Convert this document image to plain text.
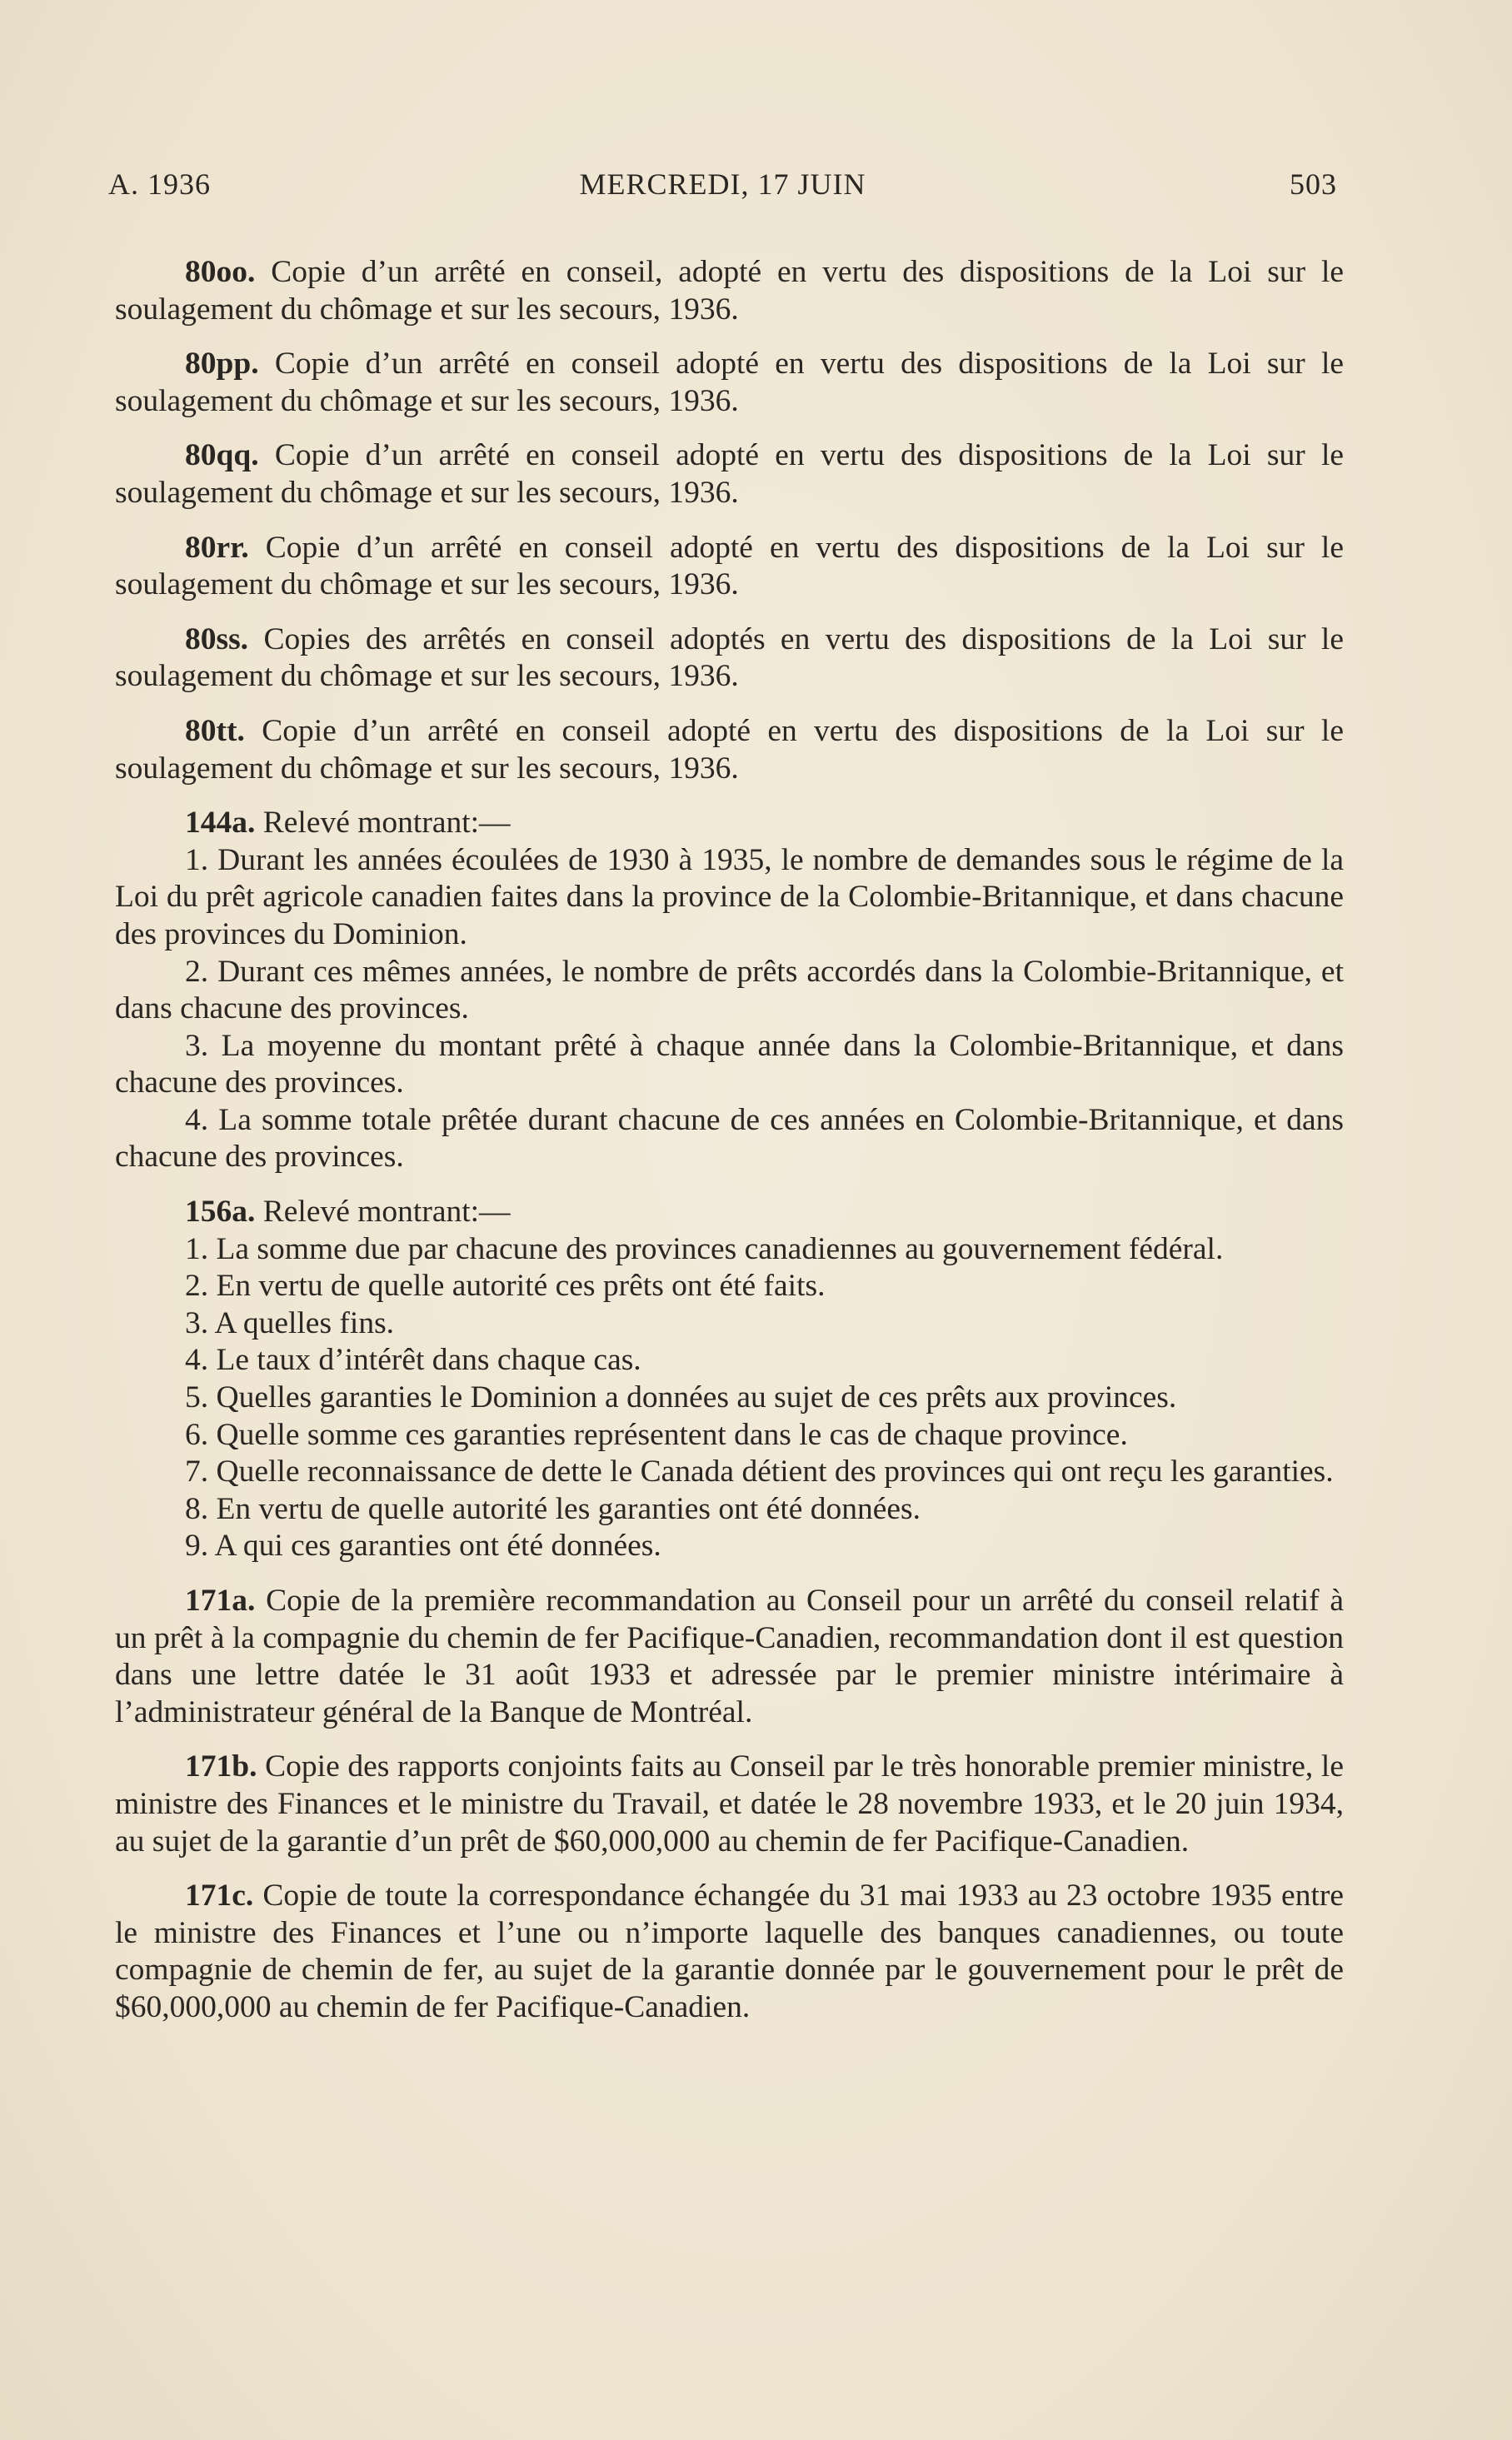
A. 1936	MERCREDI, 17 JUIN	503

80oo. Copie d’un arrêté en conseil, adopté en vertu des dispositions de la Loi sur le soulagement du chômage et sur les secours, 1936.

80pp. Copie d’un arrêté en conseil adopté en vertu des dispositions de la Loi sur le soulagement du chômage et sur les secours, 1936.

80qq. Copie d’un arrêté en conseil adopté en vertu des dispositions de la Loi sur le soulagement du chômage et sur les secours, 1936.

80rr. Copie d’un arrêté en conseil adopté en vertu des dispositions de la Loi sur le soulagement du chômage et sur les secours, 1936.

80ss. Copies des arrêtés en conseil adoptés en vertu des dispositions de la Loi sur le soulagement du chômage et sur les secours, 1936.

80tt. Copie d’un arrêté en conseil adopté en vertu des dispositions de la Loi sur le soulagement du chômage et sur les secours, 1936.

144a. Relevé montrant:—

1. Durant les années écoulées de 1930 à 1935, le nombre de demandes sous le régime de la Loi du prêt agricole canadien faites dans la province de la Colombie-Britannique, et dans chacune des provinces du Dominion.

2. Durant ces mêmes années, le nombre de prêts accordés dans la Colombie-Britannique, et dans chacune des provinces.

3. La moyenne du montant prêté à chaque année dans la Colombie-Britannique, et dans chacune des provinces.

4. La somme totale prêtée durant chacune de ces années en Colombie-Britannique, et dans chacune des provinces.

156a. Relevé montrant:—

1. La somme due par chacune des provinces canadiennes au gouvernement fédéral.

2. En vertu de quelle autorité ces prêts ont été faits.

3. A quelles fins.

4. Le taux d’intérêt dans chaque cas.

5. Quelles garanties le Dominion a données au sujet de ces prêts aux provinces.

6. Quelle somme ces garanties représentent dans le cas de chaque province.

7. Quelle reconnaissance de dette le Canada détient des provinces qui ont reçu les garanties.

8. En vertu de quelle autorité les garanties ont été données.

9. A qui ces garanties ont été données.

171a. Copie de la première recommandation au Conseil pour un arrêté du conseil relatif à un prêt à la compagnie du chemin de fer Pacifique-Canadien, recommandation dont il est question dans une lettre datée le 31 août 1933 et adressée par le premier ministre intérimaire à l’administrateur général de la Banque de Montréal.

171b. Copie des rapports conjoints faits au Conseil par le très honorable premier ministre, le ministre des Finances et le ministre du Travail, et datée le 28 novembre 1933, et le 20 juin 1934, au sujet de la garantie d’un prêt de $60,000,000 au chemin de fer Pacifique-Canadien.

171c. Copie de toute la correspondance échangée du 31 mai 1933 au 23 octobre 1935 entre le ministre des Finances et l’une ou n’importe laquelle des banques canadiennes, ou toute compagnie de chemin de fer, au sujet de la garantie donnée par le gouvernement pour le prêt de $60,000,000 au chemin de fer Pacifique-Canadien.
